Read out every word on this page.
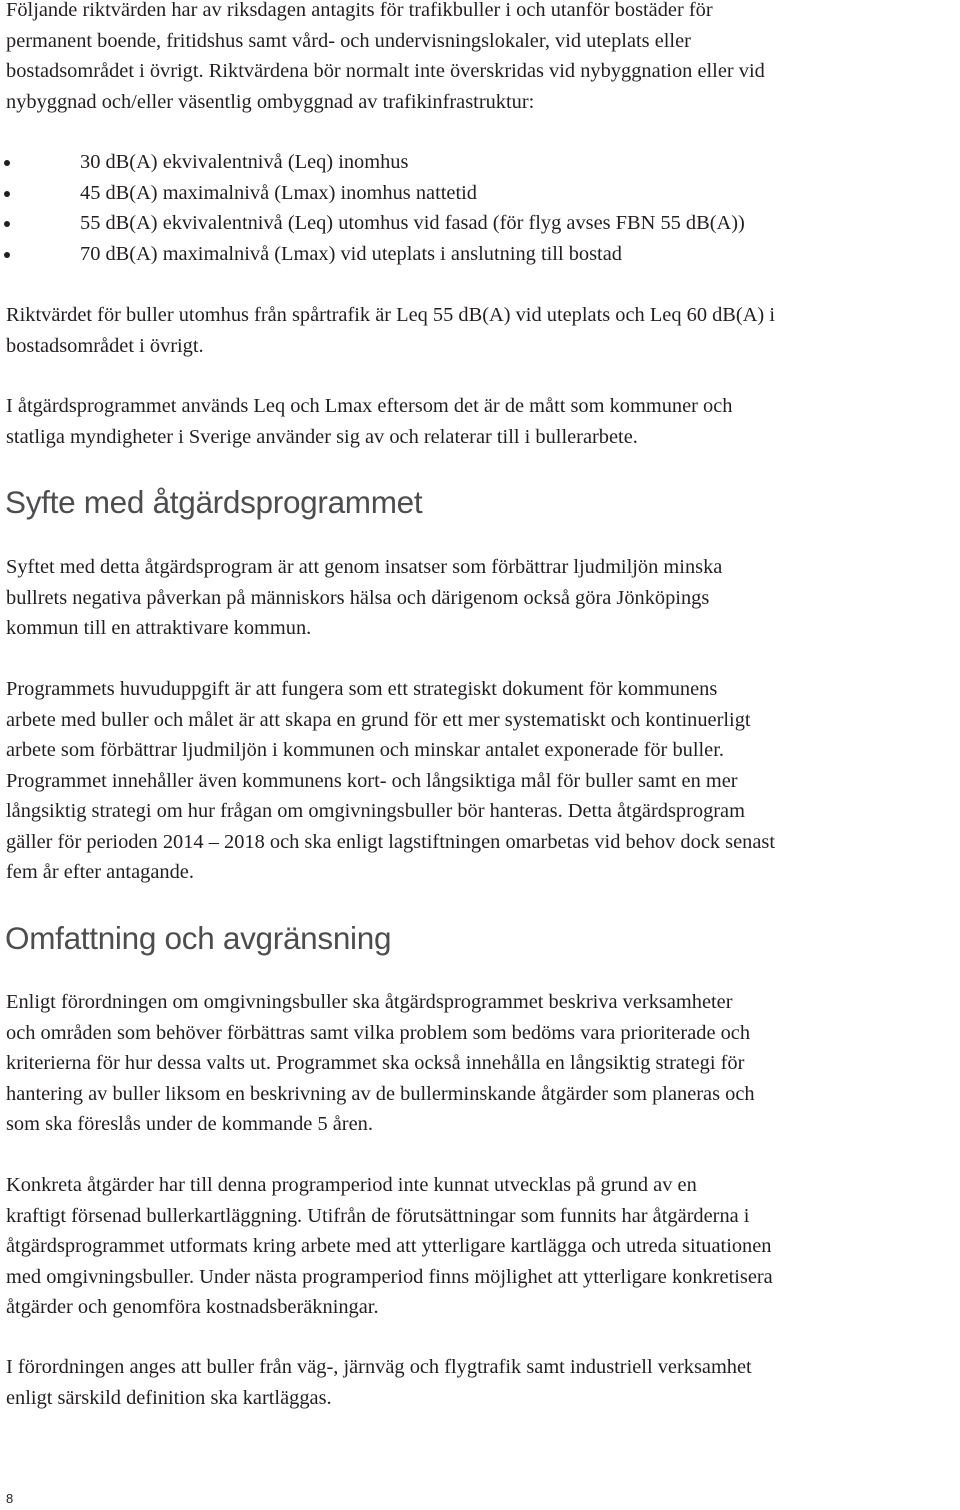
Följande riktvärden har av riksdagen antagits för trafikbuller i och utanför bostäder för
permanent boende, fritidshus samt vård- och undervisningslokaler, vid uteplats eller
bostadsområdet i övrigt. Riktvärdena bör normalt inte överskridas vid nybyggnation eller vid
nybyggnad och/eller väsentlig ombyggnad av trafikinfrastruktur:

30 dB(A) ekvivalentnivå (Leq) inomhus
45 dB(A) maximalnivå (Lmax) inomhus nattetid
55 dB(A) ekvivalentnivå (Leq) utomhus vid fasad (för flyg avses FBN 55 dB(A))
70 dB(A) maximalnivå (Lmax) vid uteplats i anslutning till bostad

Riktvärdet för buller utomhus från spårtrafik är Leq 55 dB(A) vid uteplats och Leq 60 dB(A) i
bostadsområdet i övrigt.

I åtgärdsprogrammet används Leq och Lmax eftersom det är de mått som kommuner och
statliga myndigheter i Sverige använder sig av och relaterar till i bullerarbete.

Syfte med åtgärdsprogrammet

Syftet med detta åtgärdsprogram är att genom insatser som förbättrar ljudmiljön minska
bullrets negativa påverkan på människors hälsa och därigenom också göra Jönköpings
kommun till en attraktivare kommun.

Programmets huvuduppgift är att fungera som ett strategiskt dokument för kommunens
arbete med buller och målet är att skapa en grund för ett mer systematiskt och kontinuerligt
arbete som förbättrar ljudmiljön i kommunen och minskar antalet exponerade för buller.
Programmet innehåller även kommunens kort- och långsiktiga mål för buller samt en mer
långsiktig strategi om hur frågan om omgivningsbuller bör hanteras. Detta åtgärdsprogram
gäller för perioden 2014 – 2018 och ska enligt lagstiftningen omarbetas vid behov dock senast
fem år efter antagande.

Omfattning och avgränsning

Enligt förordningen om omgivningsbuller ska åtgärdsprogrammet beskriva verksamheter
och områden som behöver förbättras samt vilka problem som bedöms vara prioriterade och
kriterierna för hur dessa valts ut. Programmet ska också innehålla en långsiktig strategi för
hantering av buller liksom en beskrivning av de bullerminskande åtgärder som planeras och
som ska föreslås under de kommande 5 åren.

Konkreta åtgärder har till denna programperiod inte kunnat utvecklas på grund av en
kraftigt försenad bullerkartläggning. Utifrån de förutsättningar som funnits har åtgärderna i
åtgärdsprogrammet utformats kring arbete med att ytterligare kartlägga och utreda situationen
med omgivningsbuller. Under nästa programperiod finns möjlighet att ytterligare konkretisera
åtgärder och genomföra kostnadsberäkningar.

I förordningen anges att buller från väg-, järnväg och flygtrafik samt industriell verksamhet
enligt särskild definition ska kartläggas.

8
